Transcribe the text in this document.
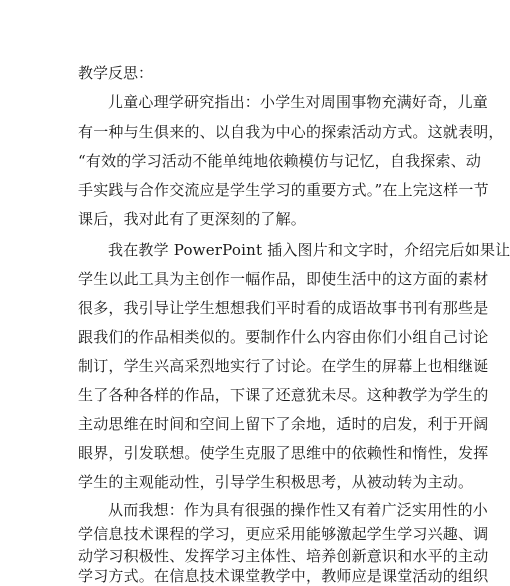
教学反思：
儿童心理学研究指出：小学生对周围事物充满好奇，儿童
有一种与生俱来的、以自我为中心的探索活动方式。这就表明，
“有效的学习活动不能单纯地依赖模仿与记忆，自我探索、动
手实践与合作交流应是学生学习的重要方式。”在上完这样一节
课后，我对此有了更深刻的了解。
我在教学 PowerPoint 插入图片和文字时，介绍完后如果让
学生以此工具为主创作一幅作品，即使生活中的这方面的素材
很多，我引导让学生想想我们平时看的成语故事书刊有那些是
跟我们的作品相类似的。要制作什么内容由你们小组自己讨论
制订，学生兴高采烈地实行了讨论。在学生的屏幕上也相继诞
生了各种各样的作品，下课了还意犹未尽。这种教学为学生的
主动思维在时间和空间上留下了余地，适时的启发，利于开阔
眼界，引发联想。使学生克服了思维中的依赖性和惰性，发挥
学生的主观能动性，引导学生积极思考，从被动转为主动。
从而我想：作为具有很强的操作性又有着广泛实用性的小
学信息技术课程的学习，更应采用能够激起学生学习兴趣、调
动学习积极性、发挥学习主体性、培养创新意识和水平的主动
学习方式。在信息技术课堂教学中，教师应是课堂活动的组织
